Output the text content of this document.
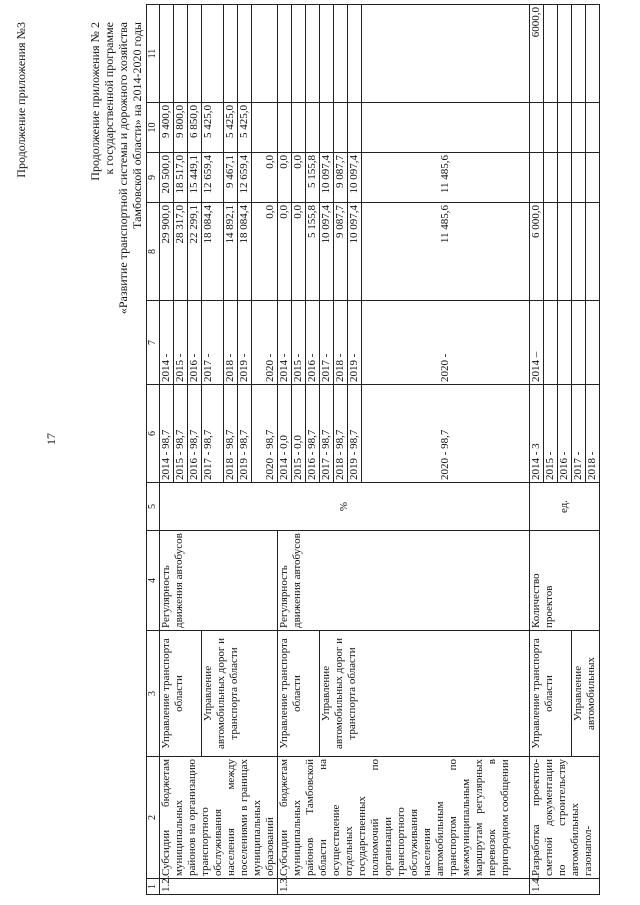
17
Продолжение приложения №3	Продолжение приложения № 2 к государственной программе «Развитие транспортной системы и дорожного хозяйства Тамбовской области» на 2014-2020 годы
1	2	3	4	5	6	7	8	9	10	11
1.2.	Субсидии бюджетам муниципальных районов на организацию транспортного обслуживания населения между поселениями в границах муниципальных образований	Управление транспорта области	Регулярность движения автобусов	%	2014 - 98,7	2014 -	29 900,0	20 500,0	9 400,0	
					2015 - 98,7	2015 -	28 317,0	18 517,0	9 800,0	
					2016 - 98,7	2016 -	22 299,1	15 449,1	6 850,0	
		Управление автомобильных дорог и транспорта области			2017 - 98,7	2017 -	18 084,4	12 659,4	5 425,0	
					2018 - 98,7	2018 -	14 892,1	9 467,1	5 425,0	
					2019 - 98,7	2019 -	18 084,4	12 659,4	5 425,0	
					2020 - 98,7	2020 -	0,0	0,0		
1.3.	Субсидии бюджетам муниципальных районов Тамбовской области на осуществление отдельных государственных полномочий по организации транспортного обслуживания населения автомобильным транспортом по межмуниципальным маршрутам регулярных перевозок в пригородном сообщении	Управление транспорта области	Регулярность движения автобусов		2014 - 0,0	2014 -	0,0	0,0		
					2015 - 0,0	2015 -	0,0	0,0		
					2016 - 98,7	2016 -	5 155,8	5 155,8		
		Управление автомобильных дорог и транспорта области			2017 - 98,7	2017 -	10 097,4	10 097,4		
					2018 - 98,7	2018 -	9 087,7	9 087,7		
					2019 - 98,7	2019 -	10 097,4	10 097,4		
					2020 - 98,7	2020 -	11 485,6	11 485,6		
1.4.	Разработка проектно-сметной документации по строительству автомобильных газонапол-	Управление транспорта области	Количество проектов	ед.	2014 - 3	2014 –	6 000,0			6000,0
					2015 -					
					2016 -					
		Управление автомобильных			2017 -					
					2018 -					
